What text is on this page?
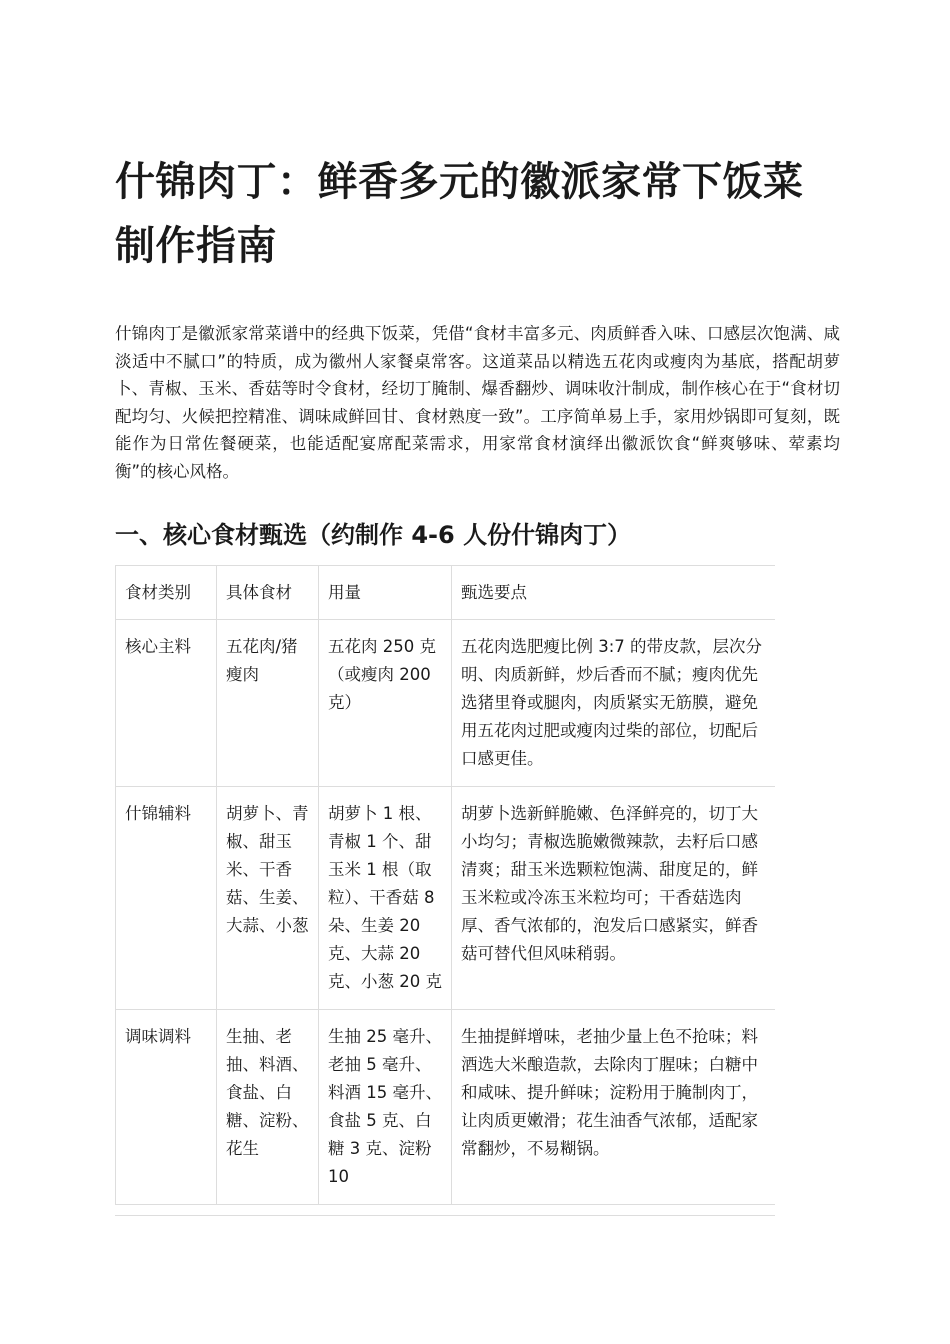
什锦肉丁：鲜香多元的徽派家常下饭菜制作指南

什锦肉丁是徽派家常菜谱中的经典下饭菜，凭借“食材丰富多元、肉质鲜香入味、口感层次饱满、咸淡适中不腻口”的特质，成为徽州人家餐桌常客。这道菜品以精选五花肉或瘦肉为基底，搭配胡萝卜、青椒、玉米、香菇等时令食材，经切丁腌制、爆香翻炒、调味收汁制成，制作核心在于“食材切配均匀、火候把控精准、调味咸鲜回甘、食材熟度一致”。工序简单易上手，家用炒锅即可复刻，既能作为日常佐餐硬菜，也能适配宴席配菜需求，用家常食材演绎出徽派饮食“鲜爽够味、荤素均衡”的核心风格。

一、核心食材甄选（约制作 4-6 人份什锦肉丁）
食材类别	具体食材	用量	甄选要点
核心主料	五花肉/猪瘦肉	五花肉 250 克（或瘦肉 200 克）	五花肉选肥瘦比例 3:7 的带皮款，层次分明、肉质新鲜，炒后香而不腻；瘦肉优先选猪里脊或腿肉，肉质紧实无筋膜，避免用五花肉过肥或瘦肉过柴的部位，切配后口感更佳。
什锦辅料	胡萝卜、青椒、甜玉米、干香菇、生姜、大蒜、小葱	胡萝卜 1 根、青椒 1 个、甜玉米 1 根（取粒）、干香菇 8 朵、生姜 20 克、大蒜 20 克、小葱 20 克	胡萝卜选新鲜脆嫩、色泽鲜亮的，切丁大小均匀；青椒选脆嫩微辣款，去籽后口感清爽；甜玉米选颗粒饱满、甜度足的，鲜玉米粒或冷冻玉米粒均可；干香菇选肉厚、香气浓郁的，泡发后口感紧实，鲜香菇可替代但风味稍弱。
调味调料	生抽、老抽、料酒、食盐、白糖、淀粉、花生	生抽 25 毫升、老抽 5 毫升、料酒 15 毫升、食盐 5 克、白糖 3 克、淀粉 10	生抽提鲜增味，老抽少量上色不抢味；料酒选大米酿造款，去除肉丁腥味；白糖中和咸味、提升鲜味；淀粉用于腌制肉丁，让肉质更嫩滑；花生油香气浓郁，适配家常翻炒，不易糊锅。
